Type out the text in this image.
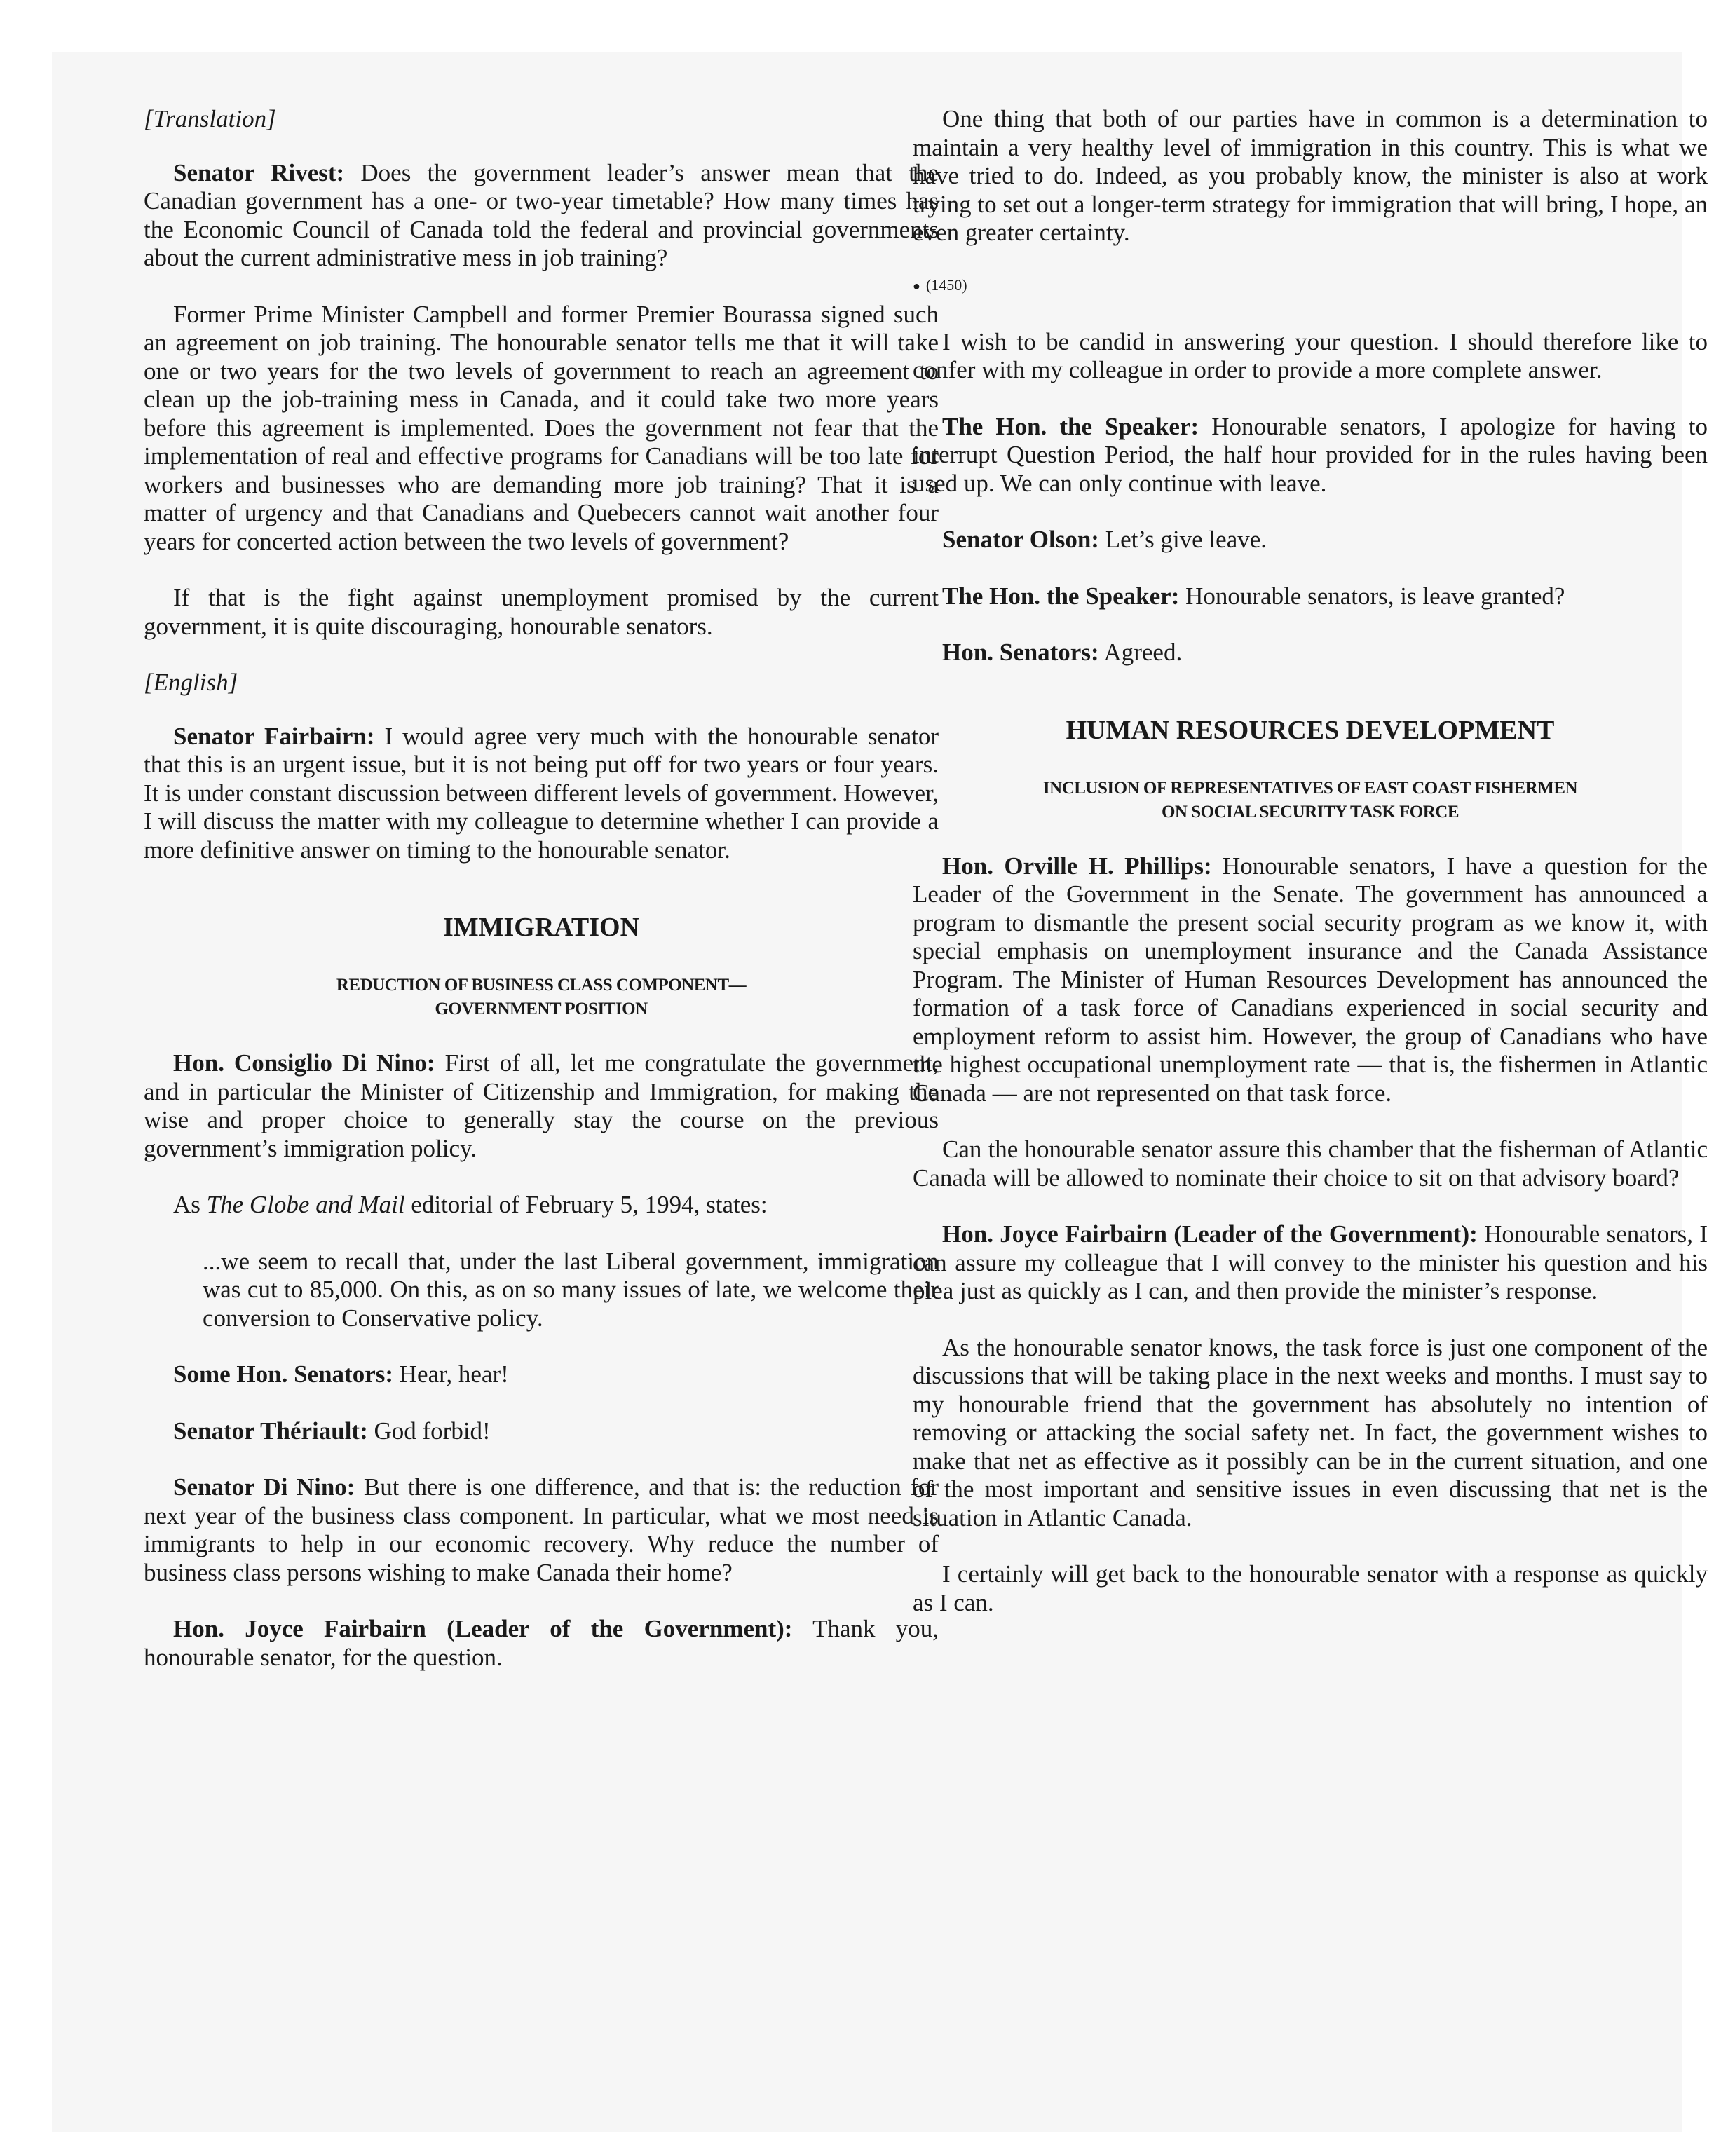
[Translation]

Senator Rivest: Does the government leader’s answer mean that the Canadian government has a one- or two-year timetable? How many times has the Economic Council of Canada told the federal and provincial governments about the current administrative mess in job training?

Former Prime Minister Campbell and former Premier Bourassa signed such an agreement on job training. The honourable senator tells me that it will take one or two years for the two levels of government to reach an agreement to clean up the job-training mess in Canada, and it could take two more years before this agreement is implemented. Does the government not fear that the implementation of real and effective programs for Canadians will be too late for workers and businesses who are demanding more job training? That it is a matter of urgency and that Canadians and Quebecers cannot wait another four years for concerted action between the two levels of government?

If that is the fight against unemployment promised by the current government, it is quite discouraging, honourable senators.

[English]

Senator Fairbairn: I would agree very much with the honourable senator that this is an urgent issue, but it is not being put off for two years or four years. It is under constant discussion between different levels of government. However, I will discuss the matter with my colleague to determine whether I can provide a more definitive answer on timing to the honourable senator.

IMMIGRATION
REDUCTION OF BUSINESS CLASS COMPONENT—
GOVERNMENT POSITION

Hon. Consiglio Di Nino: First of all, let me congratulate the government, and in particular the Minister of Citizenship and Immigration, for making the wise and proper choice to generally stay the course on the previous government’s immigration policy.

As The Globe and Mail editorial of February 5, 1994, states:

...we seem to recall that, under the last Liberal government, immigration was cut to 85,000. On this, as on so many issues of late, we welcome their conversion to Conservative policy.

Some Hon. Senators: Hear, hear!

Senator Thériault: God forbid!

Senator Di Nino: But there is one difference, and that is: the reduction for next year of the business class component. In particular, what we most need is immigrants to help in our economic recovery. Why reduce the number of business class persons wishing to make Canada their home?

Hon. Joyce Fairbairn (Leader of the Government): Thank you, honourable senator, for the question.

One thing that both of our parties have in common is a determination to maintain a very healthy level of immigration in this country. This is what we have tried to do. Indeed, as you probably know, the minister is also at work trying to set out a longer-term strategy for immigration that will bring, I hope, an even greater certainty.

● (1450)

I wish to be candid in answering your question. I should therefore like to confer with my colleague in order to provide a more complete answer.

The Hon. the Speaker: Honourable senators, I apologize for having to interrupt Question Period, the half hour provided for in the rules having been used up. We can only continue with leave.

Senator Olson: Let’s give leave.

The Hon. the Speaker: Honourable senators, is leave granted?

Hon. Senators: Agreed.

HUMAN RESOURCES DEVELOPMENT
INCLUSION OF REPRESENTATIVES OF EAST COAST FISHERMEN
ON SOCIAL SECURITY TASK FORCE

Hon. Orville H. Phillips: Honourable senators, I have a question for the Leader of the Government in the Senate. The government has announced a program to dismantle the present social security program as we know it, with special emphasis on unemployment insurance and the Canada Assistance Program. The Minister of Human Resources Development has announced the formation of a task force of Canadians experienced in social security and employment reform to assist him. However, the group of Canadians who have the highest occupational unemployment rate — that is, the fishermen in Atlantic Canada — are not represented on that task force.

Can the honourable senator assure this chamber that the fisherman of Atlantic Canada will be allowed to nominate their choice to sit on that advisory board?

Hon. Joyce Fairbairn (Leader of the Government): Honourable senators, I can assure my colleague that I will convey to the minister his question and his plea just as quickly as I can, and then provide the minister’s response.

As the honourable senator knows, the task force is just one component of the discussions that will be taking place in the next weeks and months. I must say to my honourable friend that the government has absolutely no intention of removing or attacking the social safety net. In fact, the government wishes to make that net as effective as it possibly can be in the current situation, and one of the most important and sensitive issues in even discussing that net is the situation in Atlantic Canada.

I certainly will get back to the honourable senator with a response as quickly as I can.
